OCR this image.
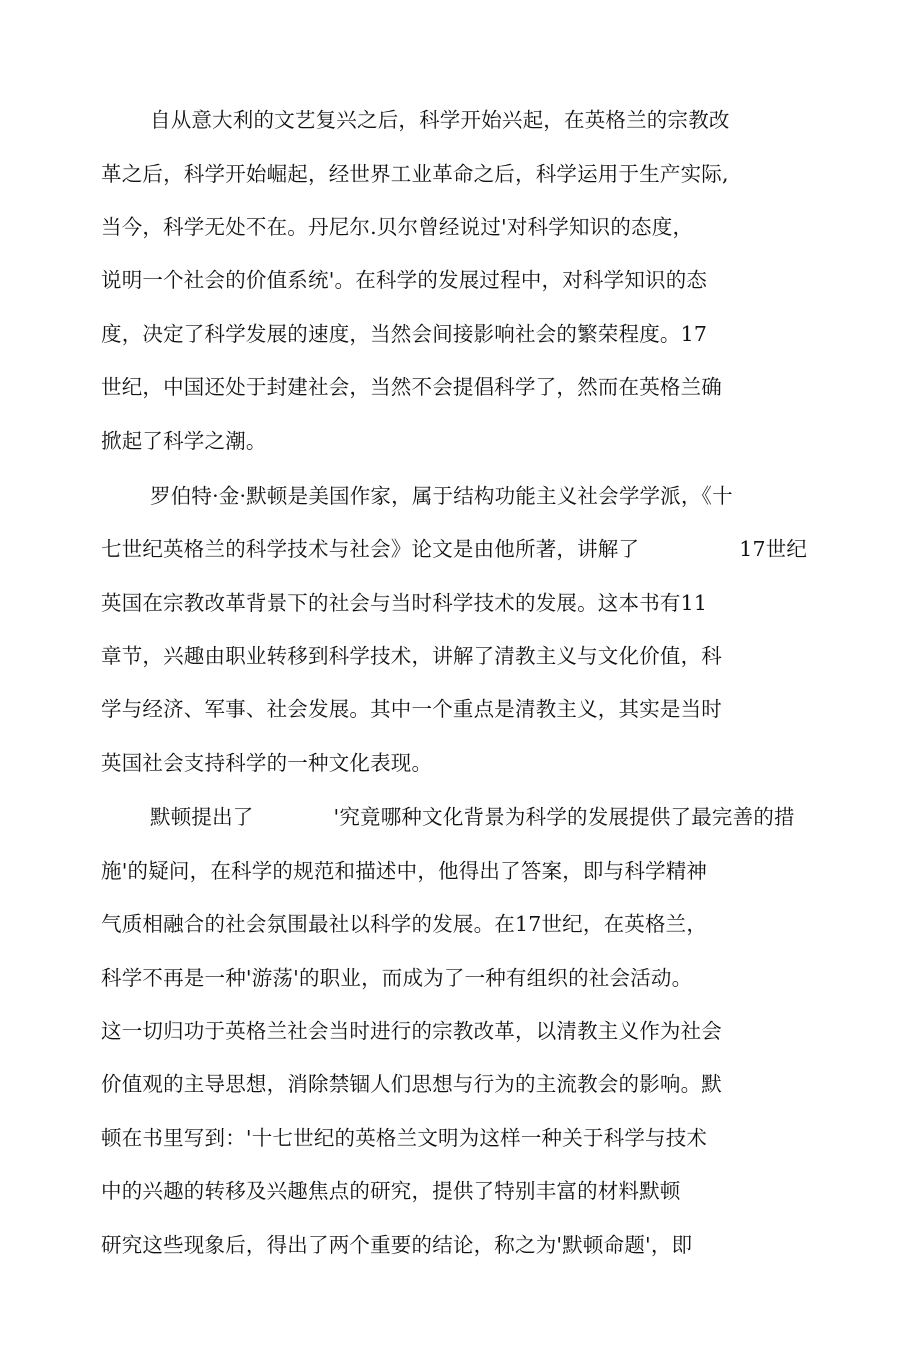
自从意大利的文艺复兴之后，科学开始兴起，在英格兰的宗教改
革之后，科学开始崛起，经世界工业革命之后，科学运用于生产实际,
当今，科学无处不在。丹尼尔.贝尔曾经说过'对科学知识的态度，
说明一个社会的价值系统'。在科学的发展过程中，对科学知识的态
度，决定了科学发展的速度，当然会间接影响社会的繁荣程度。17
世纪，中国还处于封建社会，当然不会提倡科学了，然而在英格兰确
掀起了科学之潮。
罗伯特·金·默顿是美国作家，属于结构功能主义社会学学派，《十
七世纪英格兰的科学技术与社会》论文是由他所著，讲解了	17世纪
英国在宗教改革背景下的社会与当时科学技术的发展。这本书有11
章节，兴趣由职业转移到科学技术，讲解了清教主义与文化价值，科
学与经济、军事、社会发展。其中一个重点是清教主义，其实是当时
英国社会支持科学的一种文化表现。
默顿提出了	'究竟哪种文化背景为科学的发展提供了最完善的措
施'的疑问，在科学的规范和描述中，他得出了答案，即与科学精神
气质相融合的社会氛围最社以科学的发展。在17世纪，在英格兰，
科学不再是一种'游荡'的职业，而成为了一种有组织的社会活动。
这一切归功于英格兰社会当时进行的宗教改革，以清教主义作为社会
价值观的主导思想，消除禁锢人们思想与行为的主流教会的影响。默
顿在书里写到：'十七世纪的英格兰文明为这样一种关于科学与技术
中的兴趣的转移及兴趣焦点的研究，提供了特别丰富的材料默顿
研究这些现象后，得出了两个重要的结论，称之为'默顿命题'，即
